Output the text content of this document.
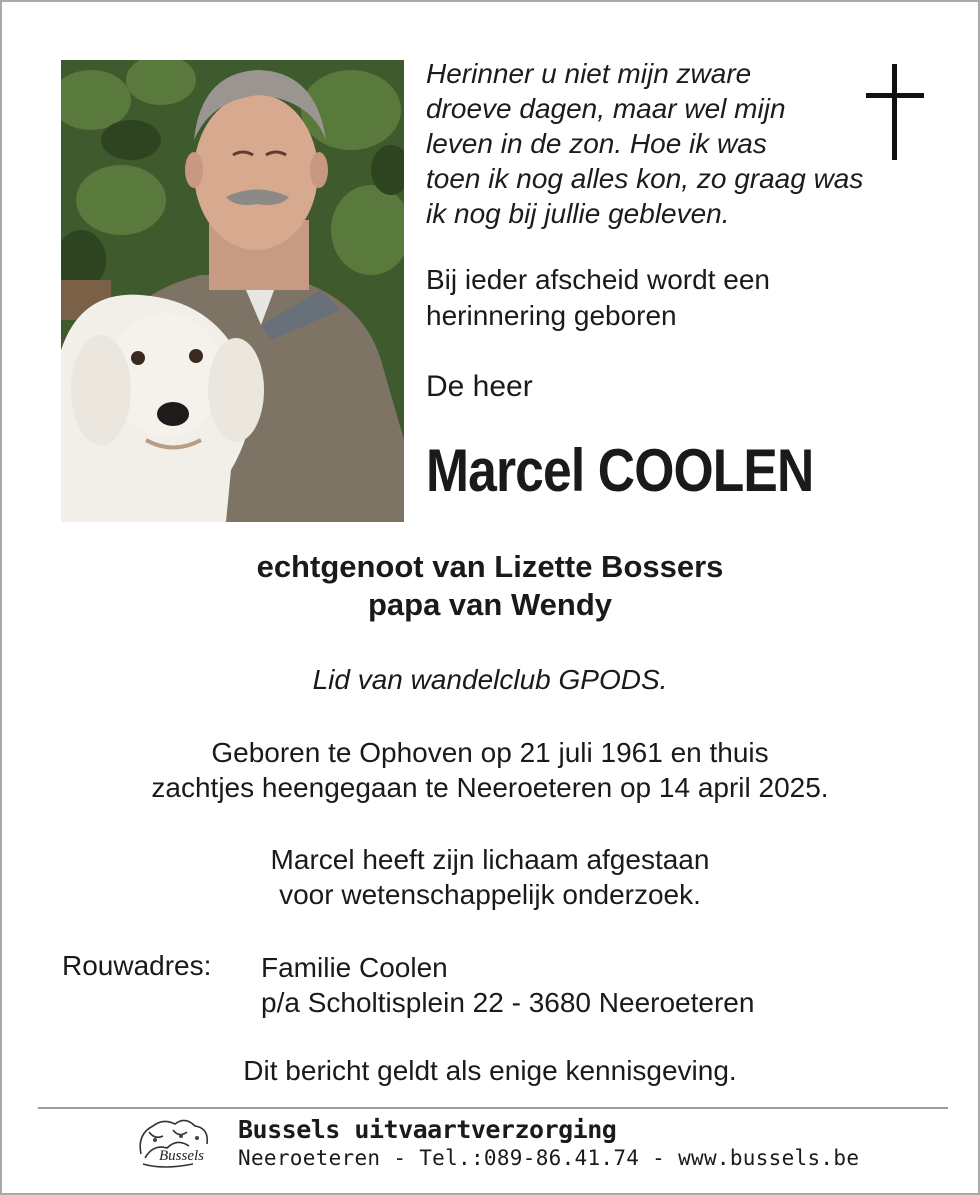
Herinner u niet mijn zware
droeve dagen, maar wel mijn
leven in de zon. Hoe ik was
toen ik nog alles kon, zo graag was
ik nog bij jullie gebleven.
Bij ieder afscheid wordt een
herinnering geboren
De heer
Marcel COOLEN
echtgenoot van Lizette Bossers
papa van Wendy
Lid van wandelclub GPODS.
Geboren te Ophoven op 21 juli 1961 en thuis
zachtjes heengegaan te Neeroeteren op 14 april 2025.
Marcel heeft zijn lichaam afgestaan
voor wetenschappelijk onderzoek.
Rouwadres: Familie Coolen
p/a Scholtisplein 22 - 3680 Neeroeteren
Dit bericht geldt als enige kennisgeving.
Bussels
Bussels uitvaartverzorging
Neeroeteren - Tel.:089-86.41.74 - www.bussels.be
